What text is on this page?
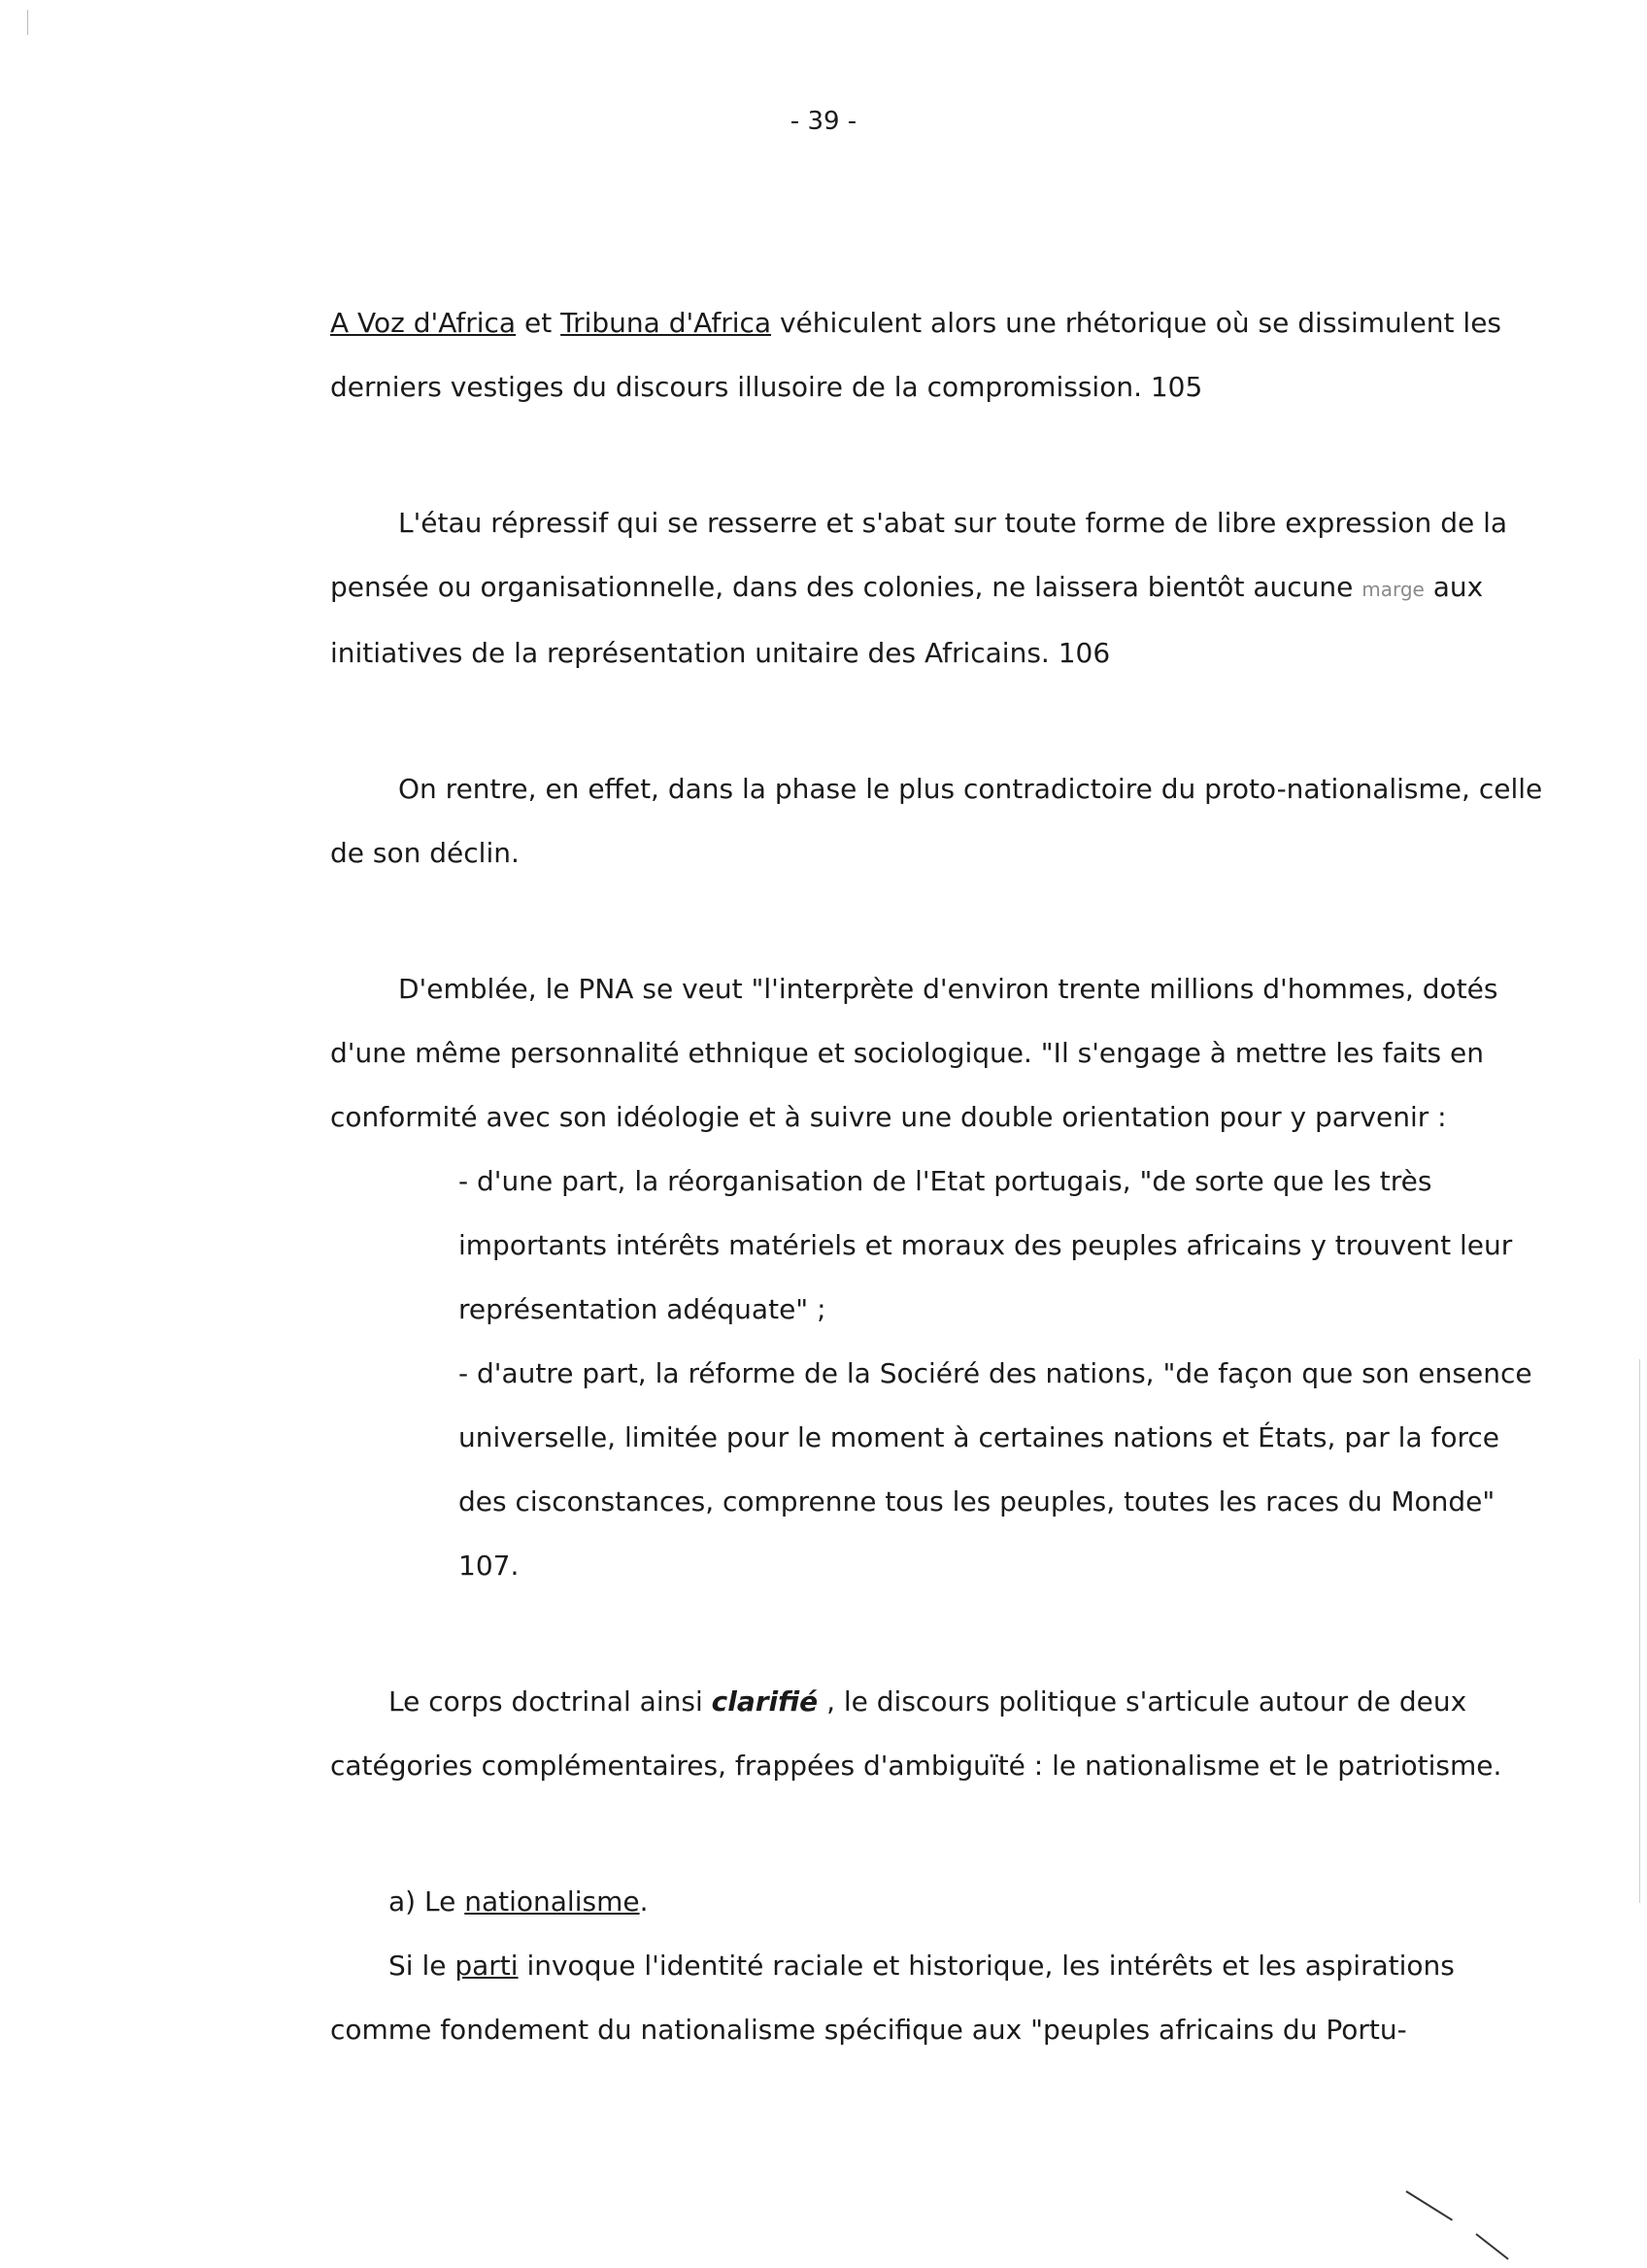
- 39 -

A Voz d'Africa et Tribuna d'Africa véhiculent alors une rhétorique où se dissimulent les derniers vestiges du discours illusoire de la compromission. 105

L'étau répressif qui se resserre et s'abat sur toute forme de libre expression de la pensée ou organisationnelle, dans des colonies, ne laissera bientôt aucune marge aux initiatives de la représentation unitaire des Africains. 106

On rentre, en effet, dans la phase le plus contradictoire du proto-nationalisme, celle de son déclin.

D'emblée, le PNA se veut "l'interprète d'environ trente millions d'hommes, dotés d'une même personnalité ethnique et sociologique. "Il s'engage à mettre les faits en conformité avec son idéologie et à suivre une double orientation pour y parvenir :

- d'une part, la réorganisation de l'Etat portugais, "de sorte que les très importants intérêts matériels et moraux des peuples africains y trouvent leur représentation adéquate" ;

- d'autre part, la réforme de la Sociéré des nations, "de façon que son ensence universelle, limitée pour le moment à certaines nations et États, par la force des cisconstances, comprenne tous les peuples, toutes les races du Monde" 107.

Le corps doctrinal ainsi clarifié , le discours politique s'articule autour de deux catégories complémentaires, frappées d'ambiguïté : le nationalisme et le patriotisme.

a) Le nationalisme.

Si le parti invoque l'identité raciale et historique, les intérêts et les aspirations comme fondement du nationalisme spécifique aux "peuples africains du Portu-
